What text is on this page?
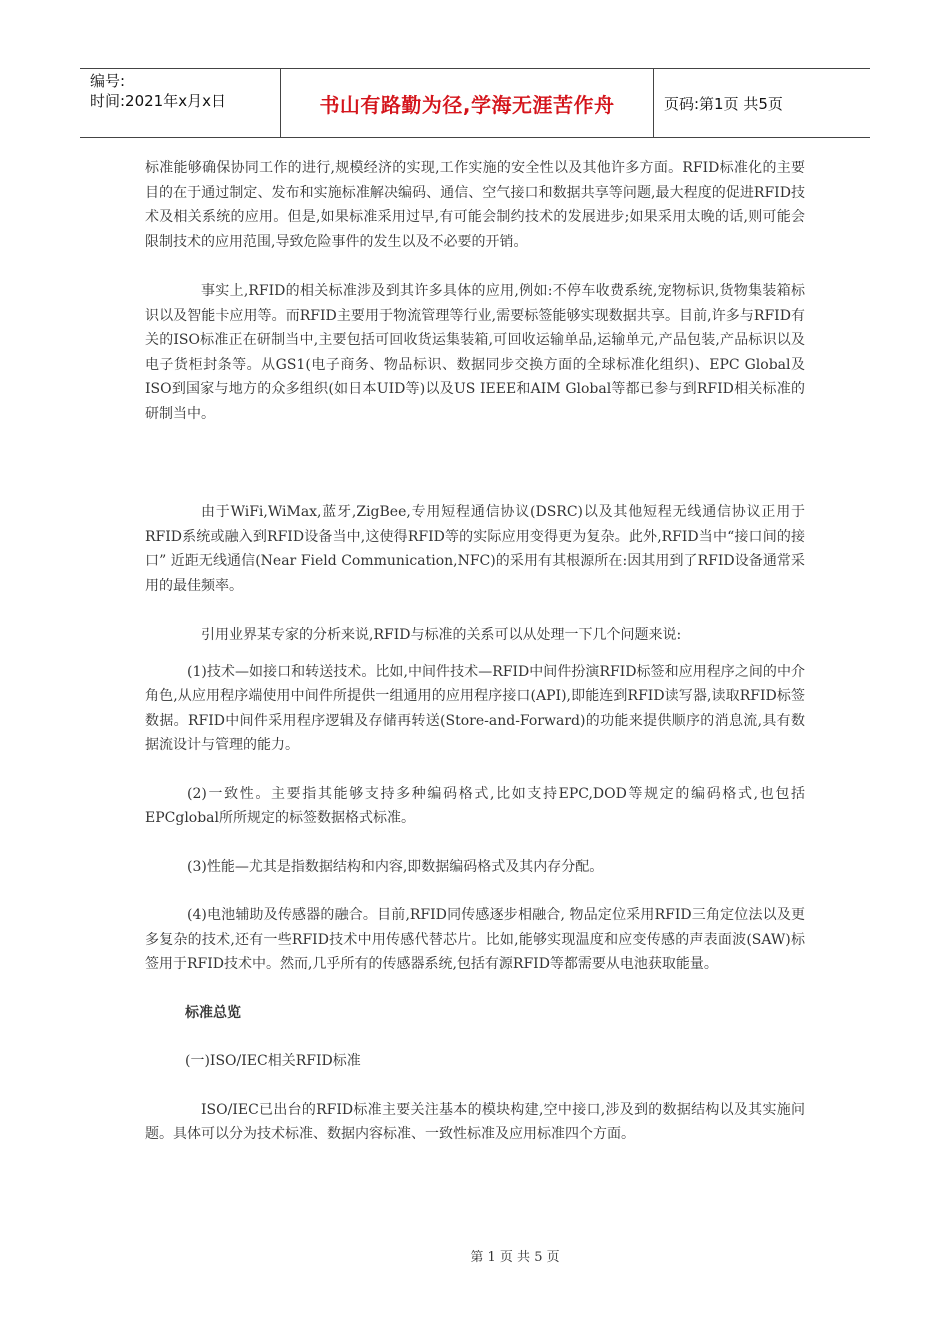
编号:
时间:2021年x月x日	书山有路勤为径,学海无涯苦作舟	页码:第1页 共5页

标准能够确保协同工作的进行,规模经济的实现,工作实施的安全性以及其他许多方面。RFID标准化的主要目的在于通过制定、发布和实施标准解决编码、通信、空气接口和数据共享等问题,最大程度的促进RFID技术及相关系统的应用。但是,如果标准采用过早,有可能会制约技术的发展进步;如果采用太晚的话,则可能会限制技术的应用范围,导致危险事件的发生以及不必要的开销。

事实上,RFID的相关标准涉及到其许多具体的应用,例如:不停车收费系统,宠物标识,货物集装箱标识以及智能卡应用等。而RFID主要用于物流管理等行业,需要标签能够实现数据共享。目前,许多与RFID有关的ISO标准正在研制当中,主要包括可回收货运集装箱,可回收运输单品,运输单元,产品包装,产品标识以及电子货柜封条等。从GS1(电子商务、物品标识、数据同步交换方面的全球标准化组织)、EPC Global及ISO到国家与地方的众多组织(如日本UID等)以及US IEEE和AIM Global等都已参与到RFID相关标准的研制当中。

由于WiFi,WiMax,蓝牙,ZigBee,专用短程通信协议(DSRC)以及其他短程无线通信协议正用于RFID系统或融入到RFID设备当中,这使得RFID等的实际应用变得更为复杂。此外,RFID当中“接口间的接口” 近距无线通信(Near Field Communication,NFC)的采用有其根源所在:因其用到了RFID设备通常采用的最佳频率。

引用业界某专家的分析来说,RFID与标准的关系可以从处理一下几个问题来说:

(1)技术—如接口和转送技术。比如,中间件技术—RFID中间件扮演RFID标签和应用程序之间的中介角色,从应用程序端使用中间件所提供一组通用的应用程序接口(API),即能连到RFID读写器,读取RFID标签数据。RFID中间件采用程序逻辑及存储再转送(Store-and-Forward)的功能来提供顺序的消息流,具有数据流设计与管理的能力。

(2)一致性。主要指其能够支持多种编码格式,比如支持EPC,DOD等规定的编码格式,也包括EPCglobal所所规定的标签数据格式标准。

(3)性能—尤其是指数据结构和内容,即数据编码格式及其内存分配。

(4)电池辅助及传感器的融合。目前,RFID同传感逐步相融合, 物品定位采用RFID三角定位法以及更多复杂的技术,还有一些RFID技术中用传感代替芯片。比如,能够实现温度和应变传感的声表面波(SAW)标签用于RFID技术中。然而,几乎所有的传感器系统,包括有源RFID等都需要从电池获取能量。

标准总览

(一)ISO/IEC相关RFID标准

ISO/IEC已出台的RFID标准主要关注基本的模块构建,空中接口,涉及到的数据结构以及其实施问题。具体可以分为技术标准、数据内容标准、一致性标准及应用标准四个方面。

第 1 页 共 5 页
